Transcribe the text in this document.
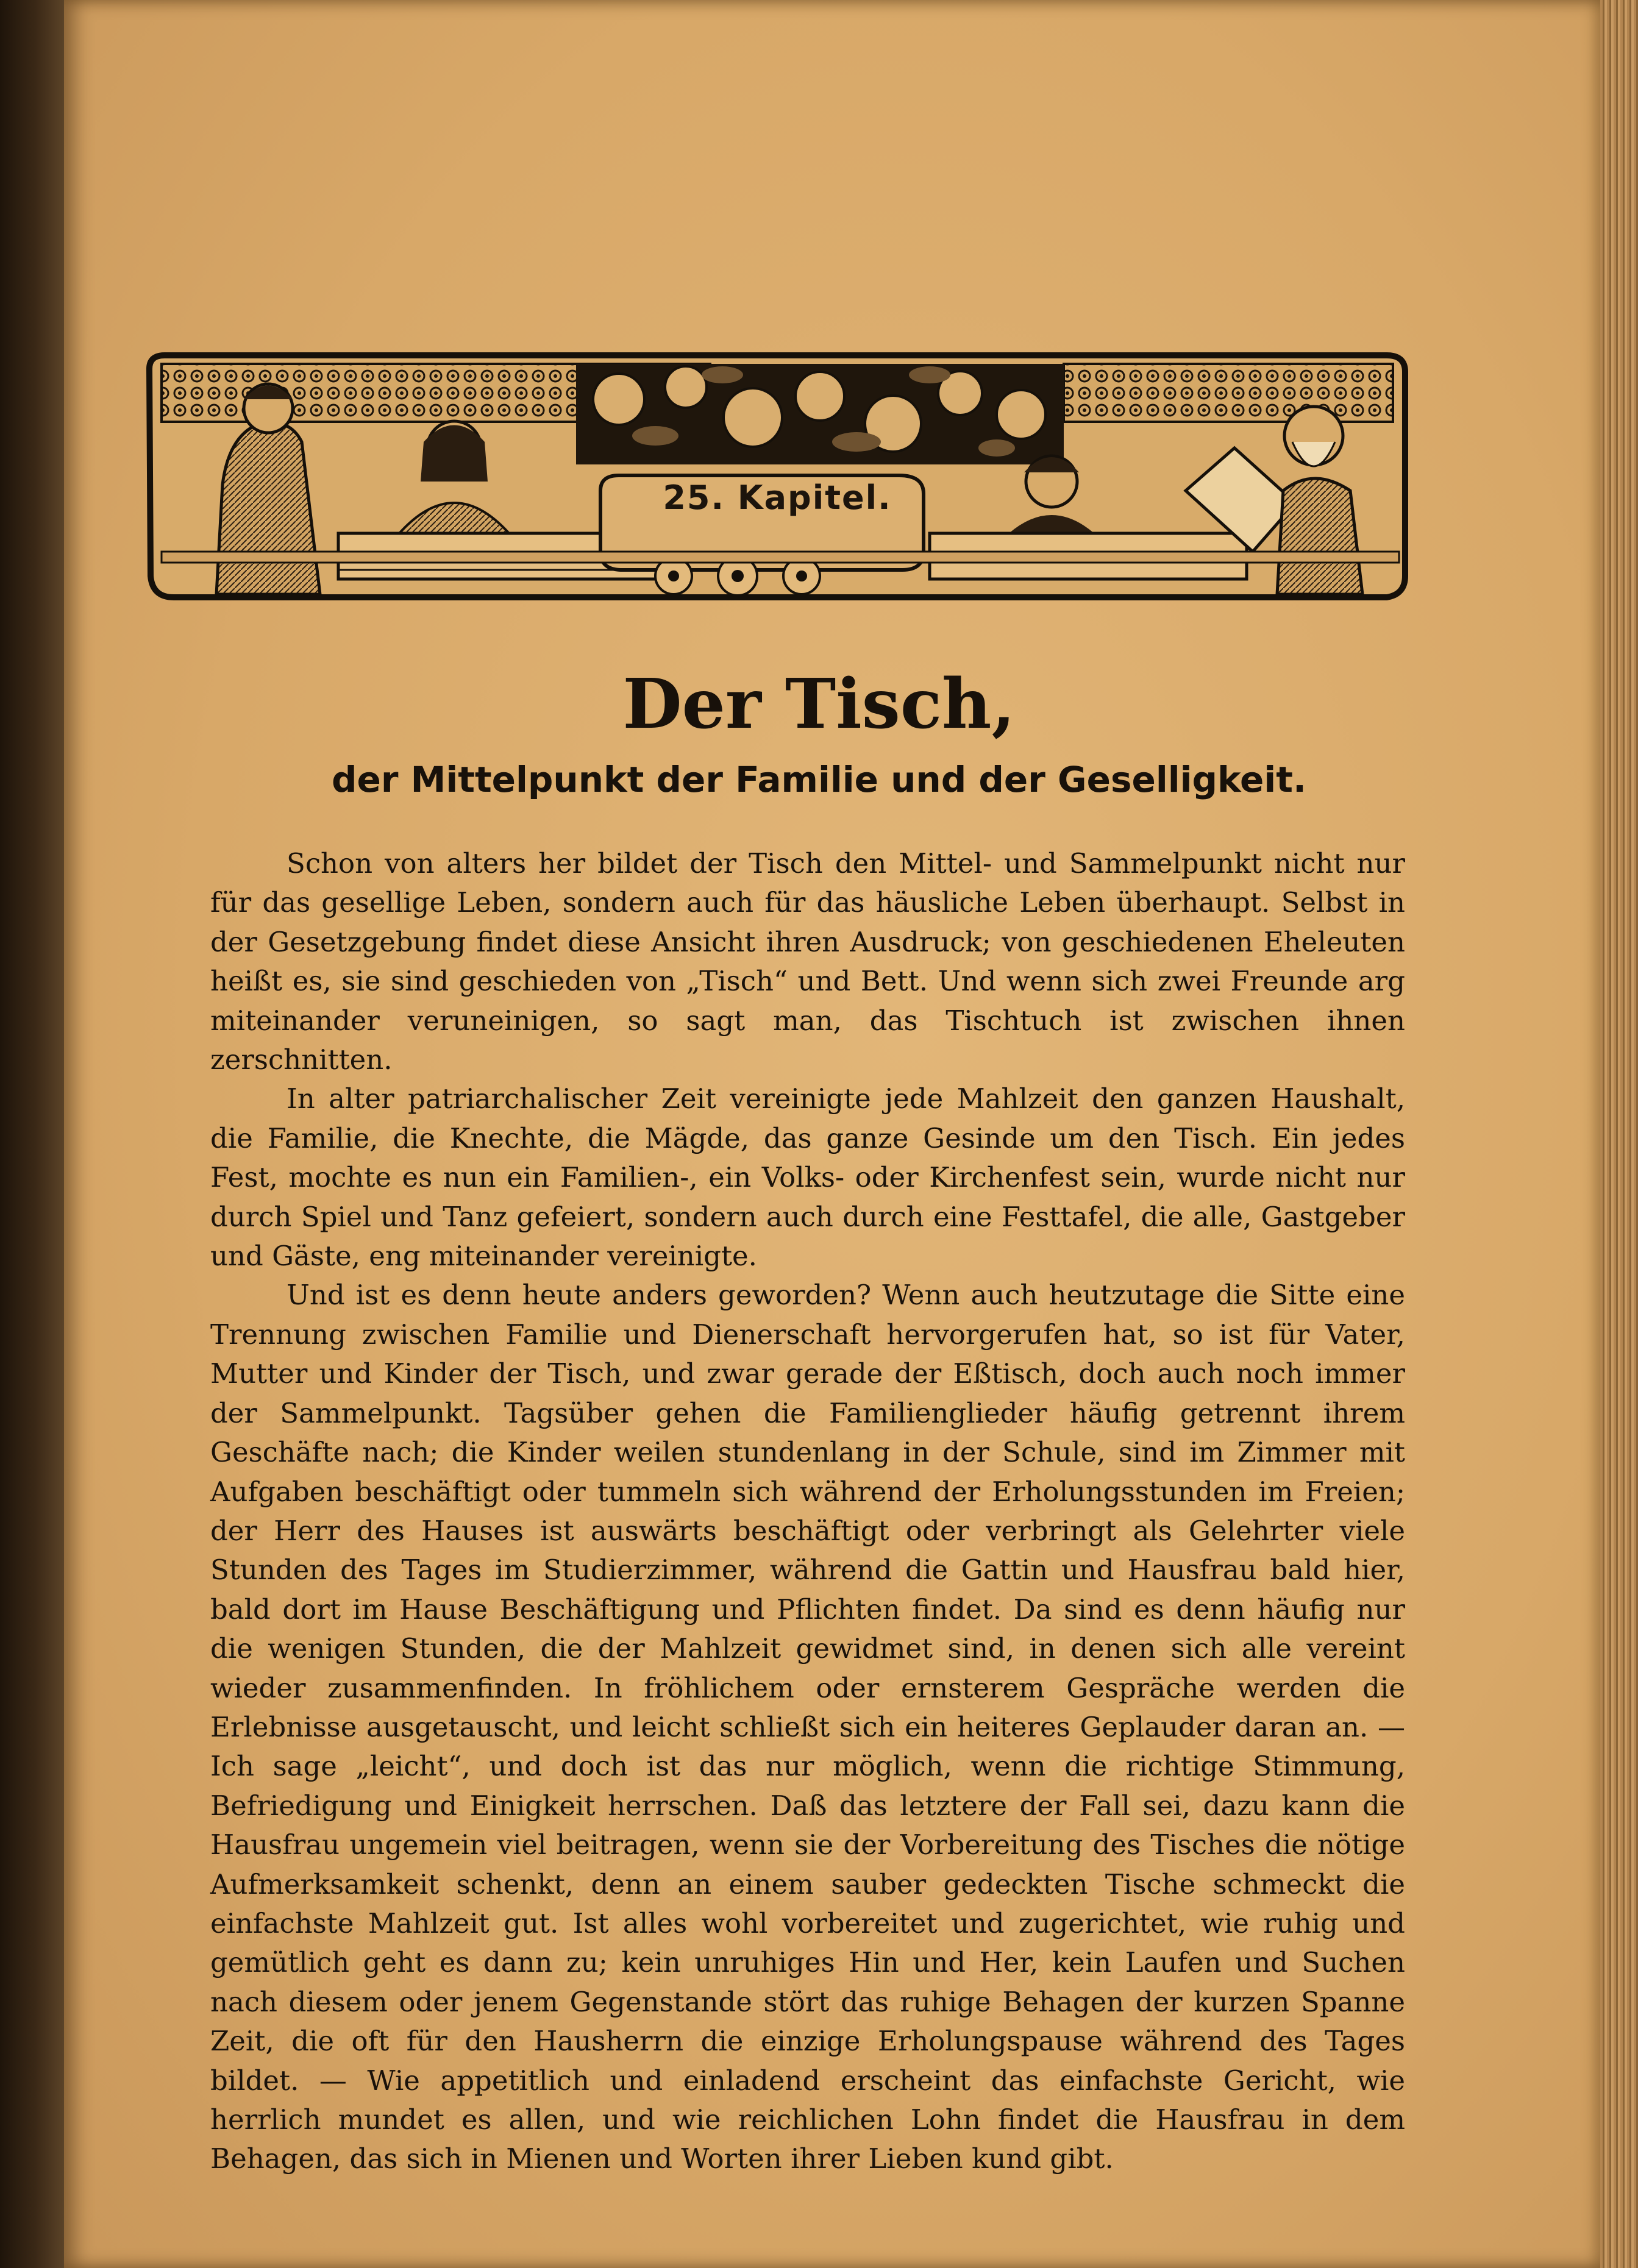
25. Kapitel.
Der Tisch,
der Mittelpunkt der Familie und der Geselligkeit.

Schon von alters her bildet der Tisch den Mittel- und Sammelpunkt nicht nur für das gesellige Leben, sondern auch für das häusliche Leben überhaupt. Selbst in der Gesetzgebung findet diese Ansicht ihren Ausdruck; von geschiedenen Eheleuten heißt es, sie sind geschieden von „Tisch“ und Bett. Und wenn sich zwei Freunde arg miteinander veruneinigen, so sagt man, das Tischtuch ist zwischen ihnen zerschnitten.

In alter patriarchalischer Zeit vereinigte jede Mahlzeit den ganzen Haushalt, die Familie, die Knechte, die Mägde, das ganze Gesinde um den Tisch. Ein jedes Fest, mochte es nun ein Familien-, ein Volks- oder Kirchenfest sein, wurde nicht nur durch Spiel und Tanz gefeiert, sondern auch durch eine Festtafel, die alle, Gastgeber und Gäste, eng miteinander vereinigte.

Und ist es denn heute anders geworden? Wenn auch heutzutage die Sitte eine Trennung zwischen Familie und Dienerschaft hervorgerufen hat, so ist für Vater, Mutter und Kinder der Tisch, und zwar gerade der Eßtisch, doch auch noch immer der Sammelpunkt. Tagsüber gehen die Familienglieder häufig getrennt ihrem Geschäfte nach; die Kinder weilen stundenlang in der Schule, sind im Zimmer mit Aufgaben beschäftigt oder tummeln sich während der Erholungsstunden im Freien; der Herr des Hauses ist auswärts beschäftigt oder verbringt als Gelehrter viele Stunden des Tages im Studierzimmer, während die Gattin und Hausfrau bald hier, bald dort im Hause Beschäftigung und Pflichten findet. Da sind es denn häufig nur die wenigen Stunden, die der Mahlzeit gewidmet sind, in denen sich alle vereint wieder zusammenfinden. In fröhlichem oder ernsterem Gespräche werden die Erlebnisse ausgetauscht, und leicht schließt sich ein heiteres Geplauder daran an. — Ich sage „leicht“, und doch ist das nur möglich, wenn die richtige Stimmung, Befriedigung und Einigkeit herrschen. Daß das letztere der Fall sei, dazu kann die Hausfrau ungemein viel beitragen, wenn sie der Vorbereitung des Tisches die nötige Aufmerksamkeit schenkt, denn an einem sauber gedeckten Tische schmeckt die einfachste Mahlzeit gut. Ist alles wohl vorbereitet und zugerichtet, wie ruhig und gemütlich geht es dann zu; kein unruhiges Hin und Her, kein Laufen und Suchen nach diesem oder jenem Gegenstande stört das ruhige Behagen der kurzen Spanne Zeit, die oft für den Hausherrn die einzige Erholungspause während des Tages bildet. — Wie appetitlich und einladend erscheint das einfachste Gericht, wie herrlich mundet es allen, und wie reichlichen Lohn findet die Hausfrau in dem Behagen, das sich in Mienen und Worten ihrer Lieben kund gibt.
